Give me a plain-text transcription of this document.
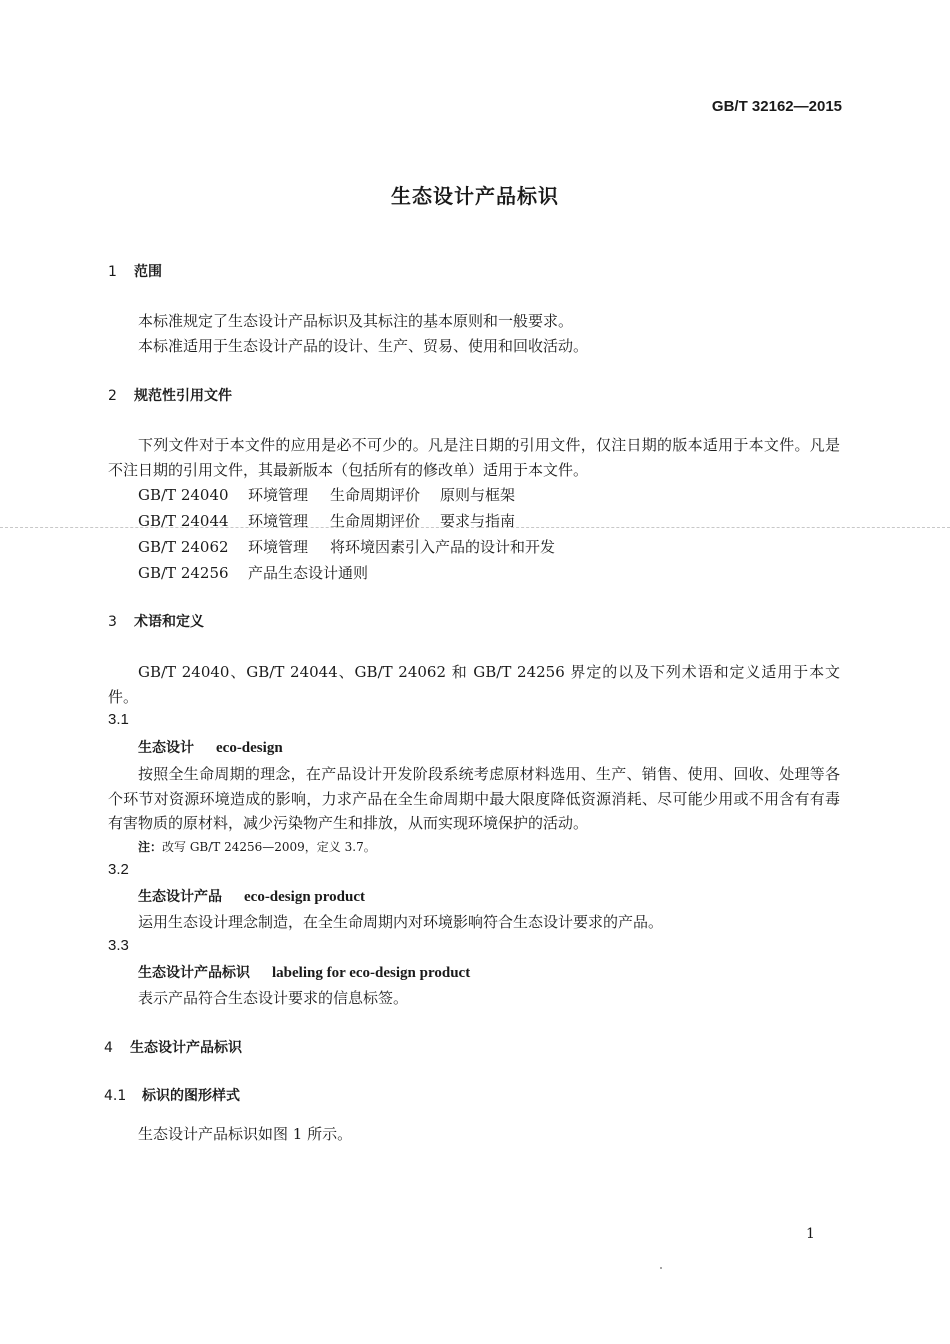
GB/T 32162—2015
生态设计产品标识
1 范围
本标准规定了生态设计产品标识及其标注的基本原则和一般要求。
本标准适用于生态设计产品的设计、生产、贸易、使用和回收活动。
2 规范性引用文件
下列文件对于本文件的应用是必不可少的。凡是注日期的引用文件，仅注日期的版本适用于本文件。凡是不注日期的引用文件，其最新版本（包括所有的修改单）适用于本文件。
GB/T 24040 环境管理 生命周期评价 原则与框架
GB/T 24044 环境管理 生命周期评价 要求与指南
GB/T 24062 环境管理 将环境因素引入产品的设计和开发
GB/T 24256 产品生态设计通则
3 术语和定义
GB/T 24040、GB/T 24044、GB/T 24062 和 GB/T 24256 界定的以及下列术语和定义适用于本文件。
3.1
生态设计 eco-design
按照全生命周期的理念，在产品设计开发阶段系统考虑原材料选用、生产、销售、使用、回收、处理等各个环节对资源环境造成的影响，力求产品在全生命周期中最大限度降低资源消耗、尽可能少用或不用含有有毒有害物质的原材料，减少污染物产生和排放，从而实现环境保护的活动。
注：改写 GB/T 24256—2009，定义 3.7。
3.2
生态设计产品 eco-design product
运用生态设计理念制造，在全生命周期内对环境影响符合生态设计要求的产品。
3.3
生态设计产品标识 labeling for eco-design product
表示产品符合生态设计要求的信息标签。
4 生态设计产品标识
4.1 标识的图形样式
生态设计产品标识如图 1 所示。
1
